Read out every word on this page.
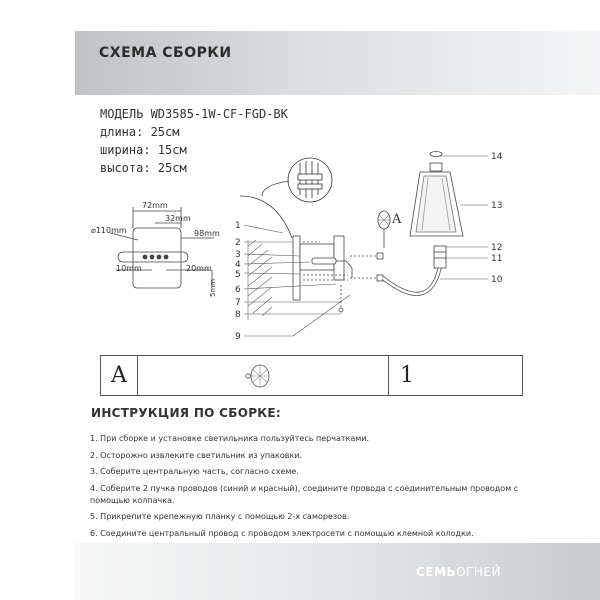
СХЕМА СБОРКИ
МОДЕЛЬ WD3585-1W-CF-FGD-BK
длина: 25см
ширина: 15см
высота: 25см
72mm
32mm
98mm
⌀110mm
10mm	20mm
5mm
A
1
2
3
4
5
6
7
8
9
14
13
12
11
10
A	1
ИНСТРУКЦИЯ ПО СБОРКЕ:
1. При сборке и установке светильника пользуйтесь перчатками.
2. Осторожно извлеките светильник из упаковки.
3. Соберите центральную часть, согласно схеме.
4. Соберите 2 пучка проводов (синий и красный), соедините провода с соединительным проводом с помощью колпачка.
5. Прикрепите крепежную планку с помощью 2-х саморезов.
6. Соедините центральный провод с проводом электросети с помощью клемной колодки.
СЕМЬОГНЕЙ
